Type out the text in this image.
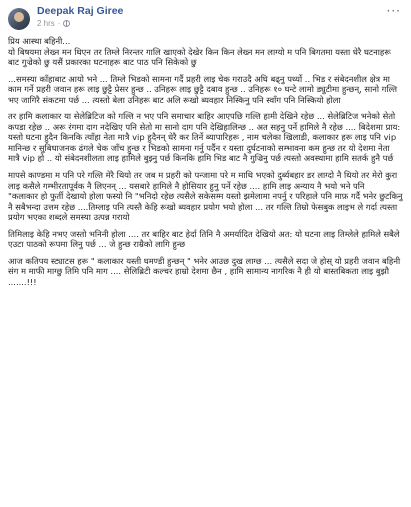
Deepak Raj Giree
2 hrs ·
···

प्रिय आस्था बहिनी...

यो बिषयमा लेख्न मन थिएन तर तिम्ले निरन्तर गालि खाएको देखेर किन किन लेख्न मन लाग्यो म पनि बिगतमा यस्ता धेरै घटनाहरू बाट गुज्रेको छु यसैं प्रकारका घटनाहरू बाट पाठ पनि सिकेको छु

...समस्या काँहाबाट आयो भने ... तिम्ले भिडको सामना गर्दै प्रहरी लाइ चेक गराउदै अघि बढ्नु पर्थ्यो .. भिड र संबेदनशील क्षेत्र मा काम गर्ने प्रहरी जवान हरू लाइ छुट्टै प्रेसर हुन्छ .. उनिहरू लाइ छुट्टै दबाव हुन्छ .. उनिहरू १० घन्टे लामो ड्युटीमा हुन्छन्, सानो गल्ति भए जागिरै संकटमा पर्छ ... त्यस्तो बेला उनिहरू बाट अलि रूखो ब्यवहार निस्किनु पनि स्वाँग पनि निस्कियो होला

तर हामि कलाकार या सेलेब्रिटिज को गल्ति न भए पनि समाचार बाहिर आएपछि गल्ति हामी देखिने रहेछ ... सेलेब्रिटिज भनेको सेतो कपडा रहेछ .. अरू रंगमा दाग नदेखिए पनि सेतो मा सानो दाग पनि देखिहालिन्छ .. अत सहनु पर्ने हामिले नै रहेछ .... बिदेशमा प्राय: यस्तो घटना हुदैन किनकि त्याँहा नेता मात्रै vip हुदैनन् धेरै कर तिर्ने ब्यापारिहरू , नाम चलेका खिलाडी, कलाकार हरू लाइ पनि vip मानिन्छ र सुबिधाजनक ढंगले चेक जाँच हुन्छ र भिडको सामना गर्नु पर्दैन र यस्ता दुर्घटनाको सम्भावना कम हुन्छ तर यो देशमा नेता मात्रै vip हो .. यो संबेदनशीलता लाइ हामिले बुझ्नु पर्छ किनकि हामि भिड बाट नै गुज्रिनु पर्छ त्यस्तो अवस्थामा हामि सतर्क हुनै पर्छ

मापसे काण्डमा म पनि परे गल्ति मेरै थियो तर जब म प्रहरी को पन्जामा परे म माथि भएको दुर्ब्यबहार डर लाग्दो नै थियो तर मेरो कुरा लाइ कसैले गम्भीरतापूर्वक नै लिएनन् ... यसबारे हामिले नै होसियार हुनु पर्ने रहेछ .... हामि लाइ अन्याय नै भयो भने पनि

"कलाकार हो फुर्ती देखायो होला फस्यो नि "भनिदो रहेछ त्यसैले सकेसम्म यस्तो झमेलामा नपर्नु र परिहाले पनि माफ़ गर्दै भनेर छुटकिनु नै सबैभन्दा उत्तम रहेछ ....तिम्लाइ पनि त्यस्तै केहि रूखो ब्यवहार प्रयोग भयो होला ... तर गल्ति तिम्रो फेसबुक लाइभ ले गर्दा त्यस्ता प्रयोग भएका शब्दले समस्या उत्पन्न गरायो

तिमिलाइ केहि नभए जस्तो भनिनी होला .... तर बाहिर बाट हेर्दा तिनि नै अमर्यादित देखियो अत: यो घटना लाइ तिम्लेले हामिले सबैले एउटा पाठको रूपमा लिनु पर्छ ... जे हुन्छ राम्रैको लागि हुन्छ

आज कतिपय स्ट्याटस हरू " कलाकार यस्ती घमण्डी हुन्छन् " भनेर आउछ दुख लाग्छ ... त्यसैले सदा जे होस् यो प्रहरी जवान बहिनी संग म माफी माग्छु तिमि पनि माग .... सेलिब्रिटी कल्चर हाम्रो देशमा छैन , हामि सामान्य नागरिक नै ही यो बास्तबिकता लाइ बुझौ .......!!!
